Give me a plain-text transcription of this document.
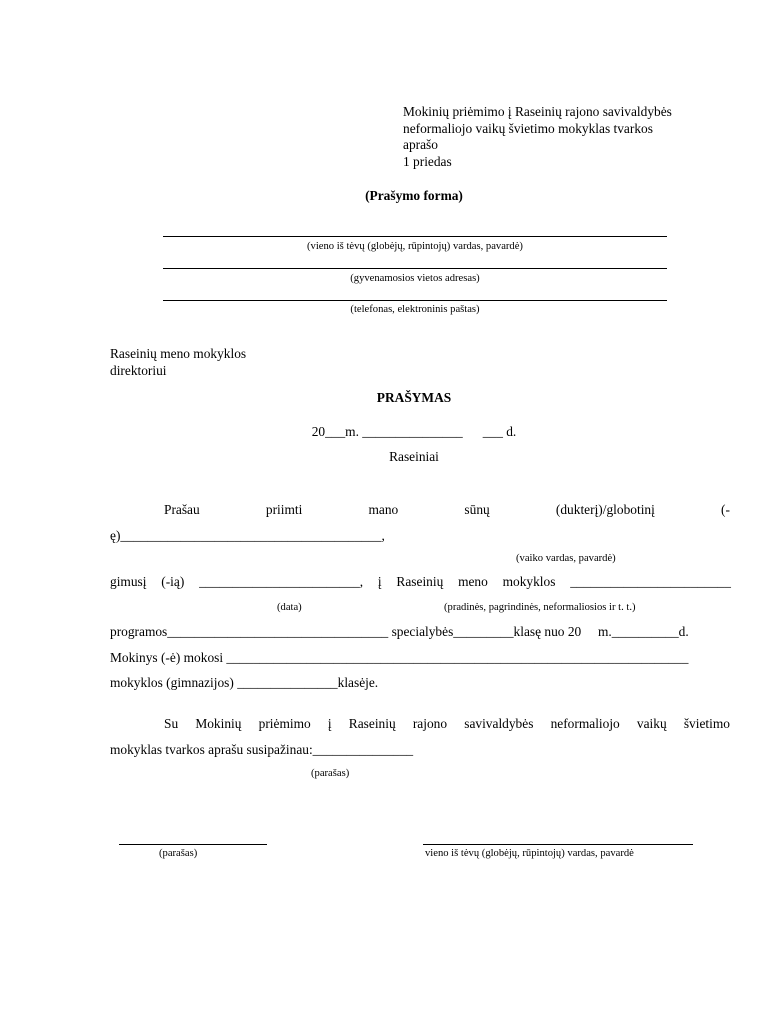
Mokinių priėmimo į Raseinių rajono savivaldybės
neformaliojo vaikų švietimo mokyklas tvarkos
aprašo
1 priedas
(Prašymo forma)
(vieno iš tėvų (globėjų, rūpintojų) vardas, pavardė)
(gyvenamosios vietos adresas)
(telefonas, elektroninis paštas)
Raseinių meno mokyklos
direktoriui
PRAŠYMAS
20___m. _______________      ___ d.
Raseiniai
Prašau	priimti	mano	sūnų	(dukterį)/globotinį	(-
ę)_______________________________________,
(vaiko vardas, pavardė)
gimusį (-ią) ________________________, į Raseinių meno mokyklos ________________________
(data)	(pradinės, pagrindinės, neformaliosios ir t. t.)
programos_________________________________ specialybės_________klasę nuo 20     m.__________d.
Mokinys (-ė) mokosi _____________________________________________________________________
mokyklos (gimnazijos) _______________klasėje.
Su Mokinių priėmimo į Raseinių rajono savivaldybės neformaliojo vaikų švietimo
mokyklas tvarkos aprašu susipažinau:_______________
(parašas)
(parašas)	vieno iš tėvų (globėjų, rūpintojų) vardas, pavardė
